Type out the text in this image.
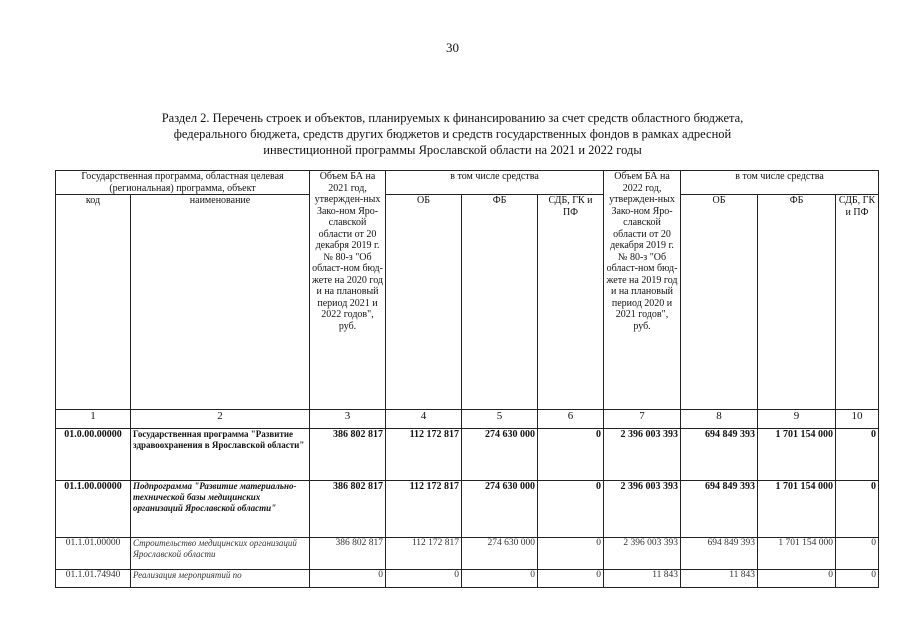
30
Раздел 2. Перечень строек и объектов, планируемых к финансированию за счет средств областного бюджета,
федерального бюджета, средств других бюджетов и средств государственных фондов в рамках адресной
инвестиционной программы Ярославской области на 2021 и 2022 годы
Государственная программа, областная целевая (региональная) программа, объект		Объем БА на 2021 год, утвержден-ных Зако-ном Яро-славской области от 20 декабря 2019 г. № 80-з "Об област-ном бюд-жете на 2020 год и на плановый период 2021 и 2022 годов", руб.	в том числе средства			Объем БА на 2022 год, утвержден-ных Зако-ном Яро-славской области от 20 декабря 2019 г. № 80-з "Об област-ном бюд-жете на 2019 год и на плановый период 2020 и 2021 годов", руб.	в том числе средства		
код	наименование		ОБ	ФБ	СДБ, ГК и ПФ		ОБ	ФБ	СДБ, ГК и ПФ
1	2	3	4	5	6	7	8	9	10
01.0.00.00000	Государственная программа "Развитие здравоохранения в Ярославской области"	386 802 817	112 172 817	274 630 000	0	2 396 003 393	694 849 393	1 701 154 000	0
01.1.00.00000	Подпрограмма "Развитие материально-технической базы медицинских организаций Ярославской области"	386 802 817	112 172 817	274 630 000	0	2 396 003 393	694 849 393	1 701 154 000	0
01.1.01.00000	Строительство медицинских организаций Ярославской области	386 802 817	112 172 817	274 630 000	0	2 396 003 393	694 849 393	1 701 154 000	0
01.1.01.74940	Реализация мероприятий по	0	0	0	0	11 843	11 843	0	0
